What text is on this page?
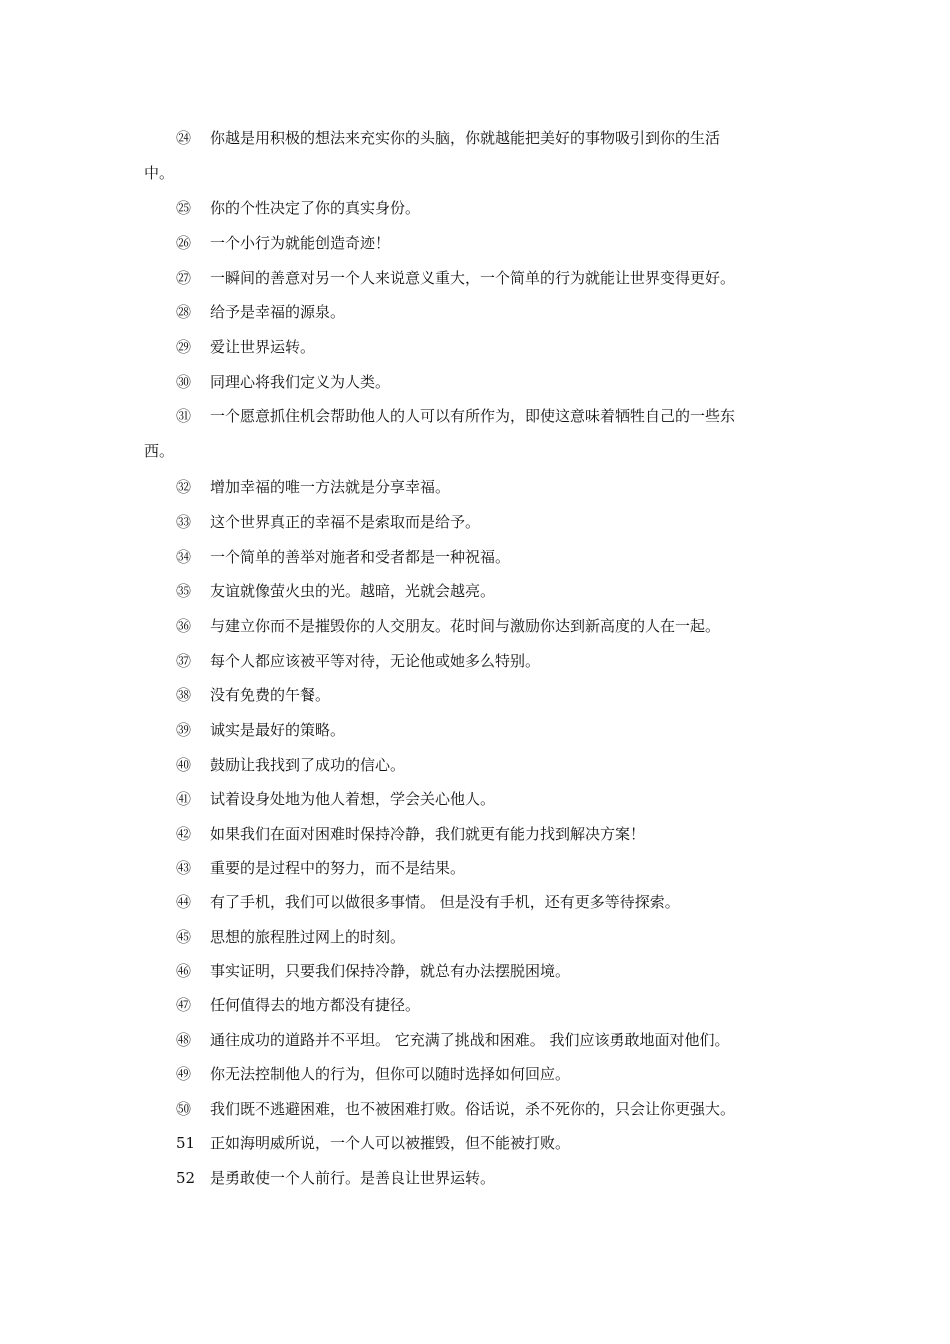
㉔	你越是用积极的想法来充实你的头脑，你就越能把美好的事物吸引到你的生活
中。
㉕	你的个性决定了你的真实身份。
㉖	一个小行为就能创造奇迹！
㉗	一瞬间的善意对另一个人来说意义重大，一个简单的行为就能让世界变得更好。
㉘	给予是幸福的源泉。
㉙	爱让世界运转。
㉚	同理心将我们定义为人类。
㉛	一个愿意抓住机会帮助他人的人可以有所作为，即使这意味着牺牲自己的一些东
西。
㉜	增加幸福的唯一方法就是分享幸福。
㉝	这个世界真正的幸福不是索取而是给予。
㉞	一个简单的善举对施者和受者都是一种祝福。
㉟	友谊就像萤火虫的光。越暗，光就会越亮。
㊱	与建立你而不是摧毁你的人交朋友。花时间与激励你达到新高度的人在一起。
㊲	每个人都应该被平等对待，无论他或她多么特别。
㊳	没有免费的午餐。
㊴	诚实是最好的策略。
㊵	鼓励让我找到了成功的信心。
㊶	试着设身处地为他人着想，学会关心他人。
㊷	如果我们在面对困难时保持冷静，我们就更有能力找到解决方案！
㊸	重要的是过程中的努力，而不是结果。
㊹	有了手机，我们可以做很多事情。 但是没有手机，还有更多等待探索。
㊺	思想的旅程胜过网上的时刻。
㊻	事实证明，只要我们保持冷静，就总有办法摆脱困境。
㊼	任何值得去的地方都没有捷径。
㊽	通往成功的道路并不平坦。 它充满了挑战和困难。 我们应该勇敢地面对他们。
㊾	你无法控制他人的行为，但你可以随时选择如何回应。
㊿	我们既不逃避困难，也不被困难打败。俗话说，杀不死你的，只会让你更强大。
51 正如海明威所说，一个人可以被摧毁，但不能被打败。
52 是勇敢使一个人前行。是善良让世界运转。
